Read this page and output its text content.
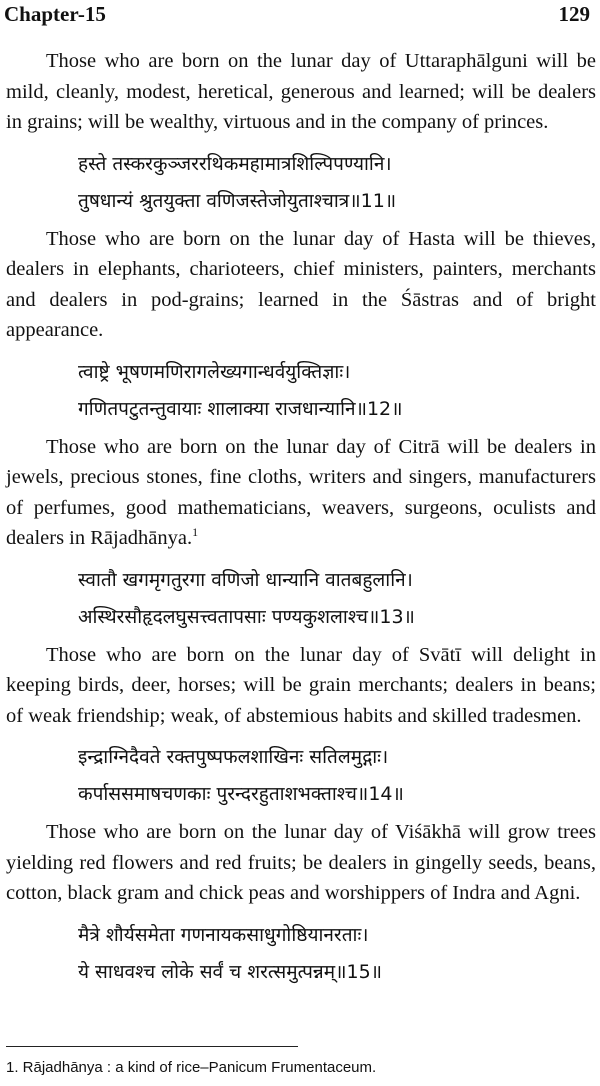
Chapter-15	129

Those who are born on the lunar day of Uttaraphālguni will be mild, cleanly, modest, heretical, generous and learned; will be dealers in grains; will be wealthy, virtuous and in the company of princes.

हस्ते तस्करकुञ्जररथिकमहामात्रशिल्पिपण्यानि।
तुषधान्यं श्रुतयुक्ता वणिजस्तेजोयुताश्चात्र॥11॥

Those who are born on the lunar day of Hasta will be thieves, dealers in elephants, charioteers, chief ministers, painters, merchants and dealers in pod-grains; learned in the Śāstras and of bright appearance.

त्वाष्ट्रे भूषणमणिरागलेख्यगान्धर्वयुक्तिज्ञाः।
गणितपटुतन्तुवायाः शालाक्या राजधान्यानि॥12॥

Those who are born on the lunar day of Citrā will be dealers in jewels, precious stones, fine cloths, writers and singers, manufacturers of perfumes, good mathematicians, weavers, surgeons, oculists and dealers in Rājadhānya.$^1$

स्वातौ खगमृगतुरगा वणिजो धान्यानि वातबहुलानि।
अस्थिरसौहृदलघुसत्त्वतापसाः पण्यकुशलाश्च॥13॥

Those who are born on the lunar day of Svātī will delight in keeping birds, deer, horses; will be grain merchants; dealers in beans; of weak friendship; weak, of abstemious habits and skilled tradesmen.

इन्द्राग्निदैवते रक्तपुष्पफलशाखिनः सतिलमुद्गाः।
कर्पाससमाषचणकाः पुरन्दरहुताशभक्ताश्च॥14॥

Those who are born on the lunar day of Viśākhā will grow trees yielding red flowers and red fruits; be dealers in gingelly seeds, beans, cotton, black gram and chick peas and worshippers of Indra and Agni.

मैत्रे शौर्यसमेता गणनायकसाधुगोष्ठियानरताः।
ये साधवश्च लोके सर्वं च शरत्समुत्पन्नम्॥15॥
1. Rājadhānya : a kind of rice–Panicum Frumentaceum.
